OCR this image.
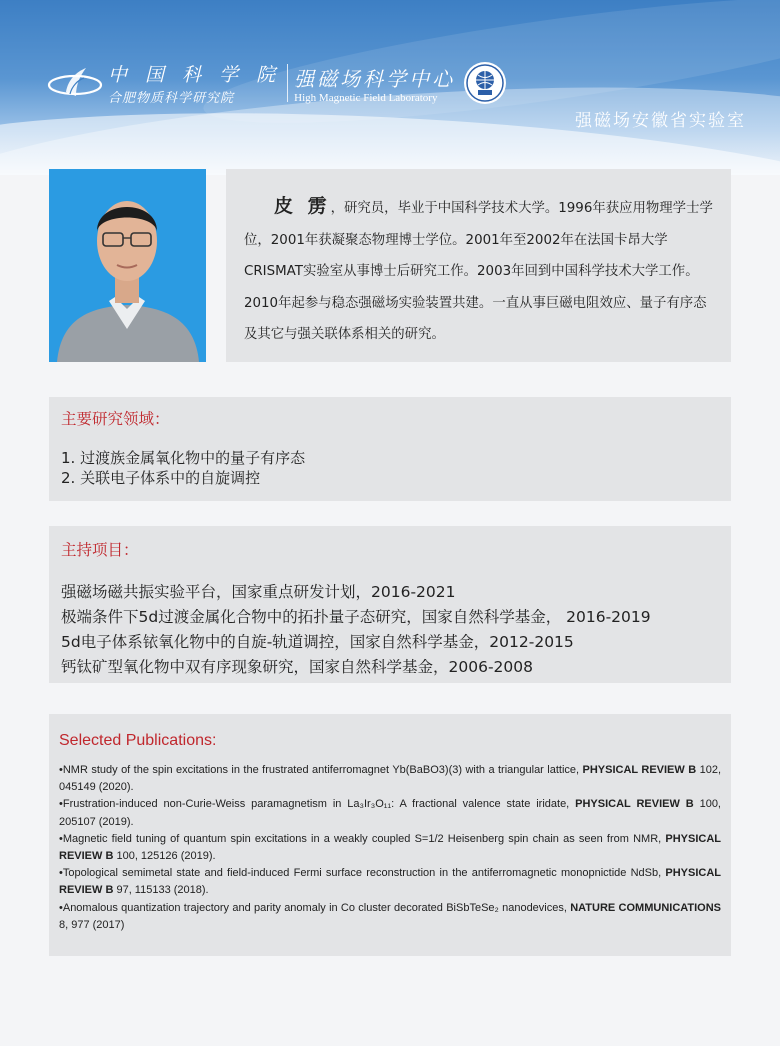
中 国 科 学 院
合肥物质科学研究院
强磁场科学中心
High Magnetic Field Laboratory
强磁场安徽省实验室
皮 雳，研究员，毕业于中国科学技术大学。1996年获应用物理学士学位，2001年获凝聚态物理博士学位。2001年至2002年在法国卡昂大学CRISMAT实验室从事博士后研究工作。2003年回到中国科学技术大学工作。2010年起参与稳态强磁场实验装置共建。一直从事巨磁电阻效应、量子有序态及其它与强关联体系相关的研究。
主要研究领域：
1. 过渡族金属氧化物中的量子有序态
2. 关联电子体系中的自旋调控
主持项目：
强磁场磁共振实验平台，国家重点研发计划，2016-2021
极端条件下5d过渡金属化合物中的拓扑量子态研究，国家自然科学基金， 2016-2019
5d电子体系铱氧化物中的自旋-轨道调控，国家自然科学基金，2012-2015
钙钛矿型氧化物中双有序现象研究，国家自然科学基金，2006-2008
Selected Publications:
•NMR study of the spin excitations in the frustrated antiferromagnet Yb(BaBO3)(3) with a triangular lattice, PHYSICAL REVIEW B 102, 045149 (2020).
•Frustration-induced non-Curie-Weiss paramagnetism in La₃Ir₃O₁₁: A fractional valence state iridate, PHYSICAL REVIEW B 100, 205107 (2019).
•Magnetic field tuning of quantum spin excitations in a weakly coupled S=1/2 Heisenberg spin chain as seen from NMR, PHYSICAL REVIEW B 100, 125126 (2019).
•Topological semimetal state and field-induced Fermi surface reconstruction in the antiferromagnetic monopnictide NdSb, PHYSICAL REVIEW B 97, 115133 (2018).
•Anomalous quantization trajectory and parity anomaly in Co cluster decorated BiSbTeSe₂ nanodevices, NATURE COMMUNICATIONS 8, 977 (2017)
